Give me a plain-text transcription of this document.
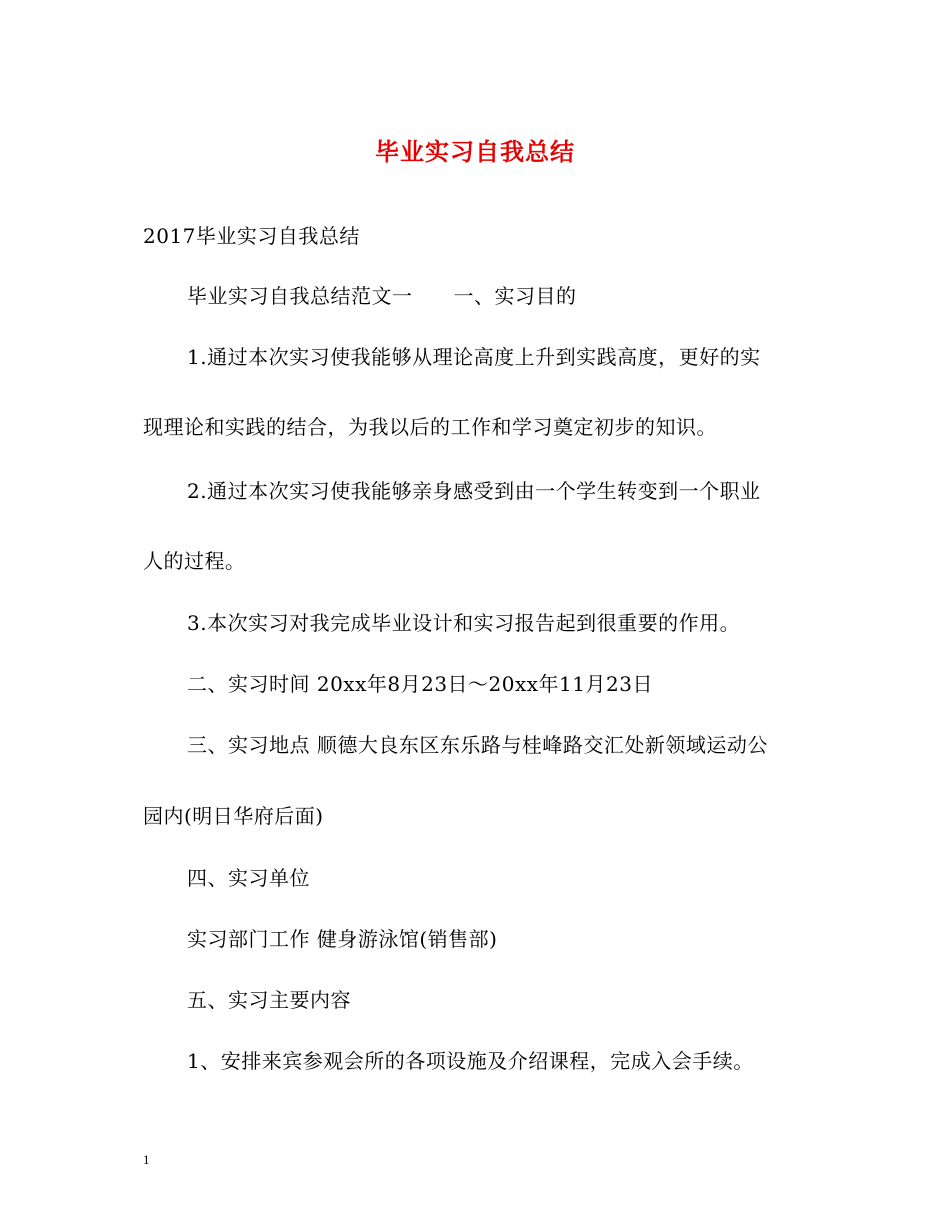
毕业实习自我总结
2017毕业实习自我总结
毕业实习自我总结范文一　　一、实习目的
1.通过本次实习使我能够从理论高度上升到实践高度，更好的实
现理论和实践的结合，为我以后的工作和学习奠定初步的知识。
2.通过本次实习使我能够亲身感受到由一个学生转变到一个职业
人的过程。
3.本次实习对我完成毕业设计和实习报告起到很重要的作用。
二、实习时间 20xx年8月23日～20xx年11月23日
三、实习地点 顺德大良东区东乐路与桂峰路交汇处新领域运动公
园内(明日华府后面)
四、实习单位
实习部门工作 健身游泳馆(销售部)
五、实习主要内容
1、安排来宾参观会所的各项设施及介绍课程，完成入会手续。
1
